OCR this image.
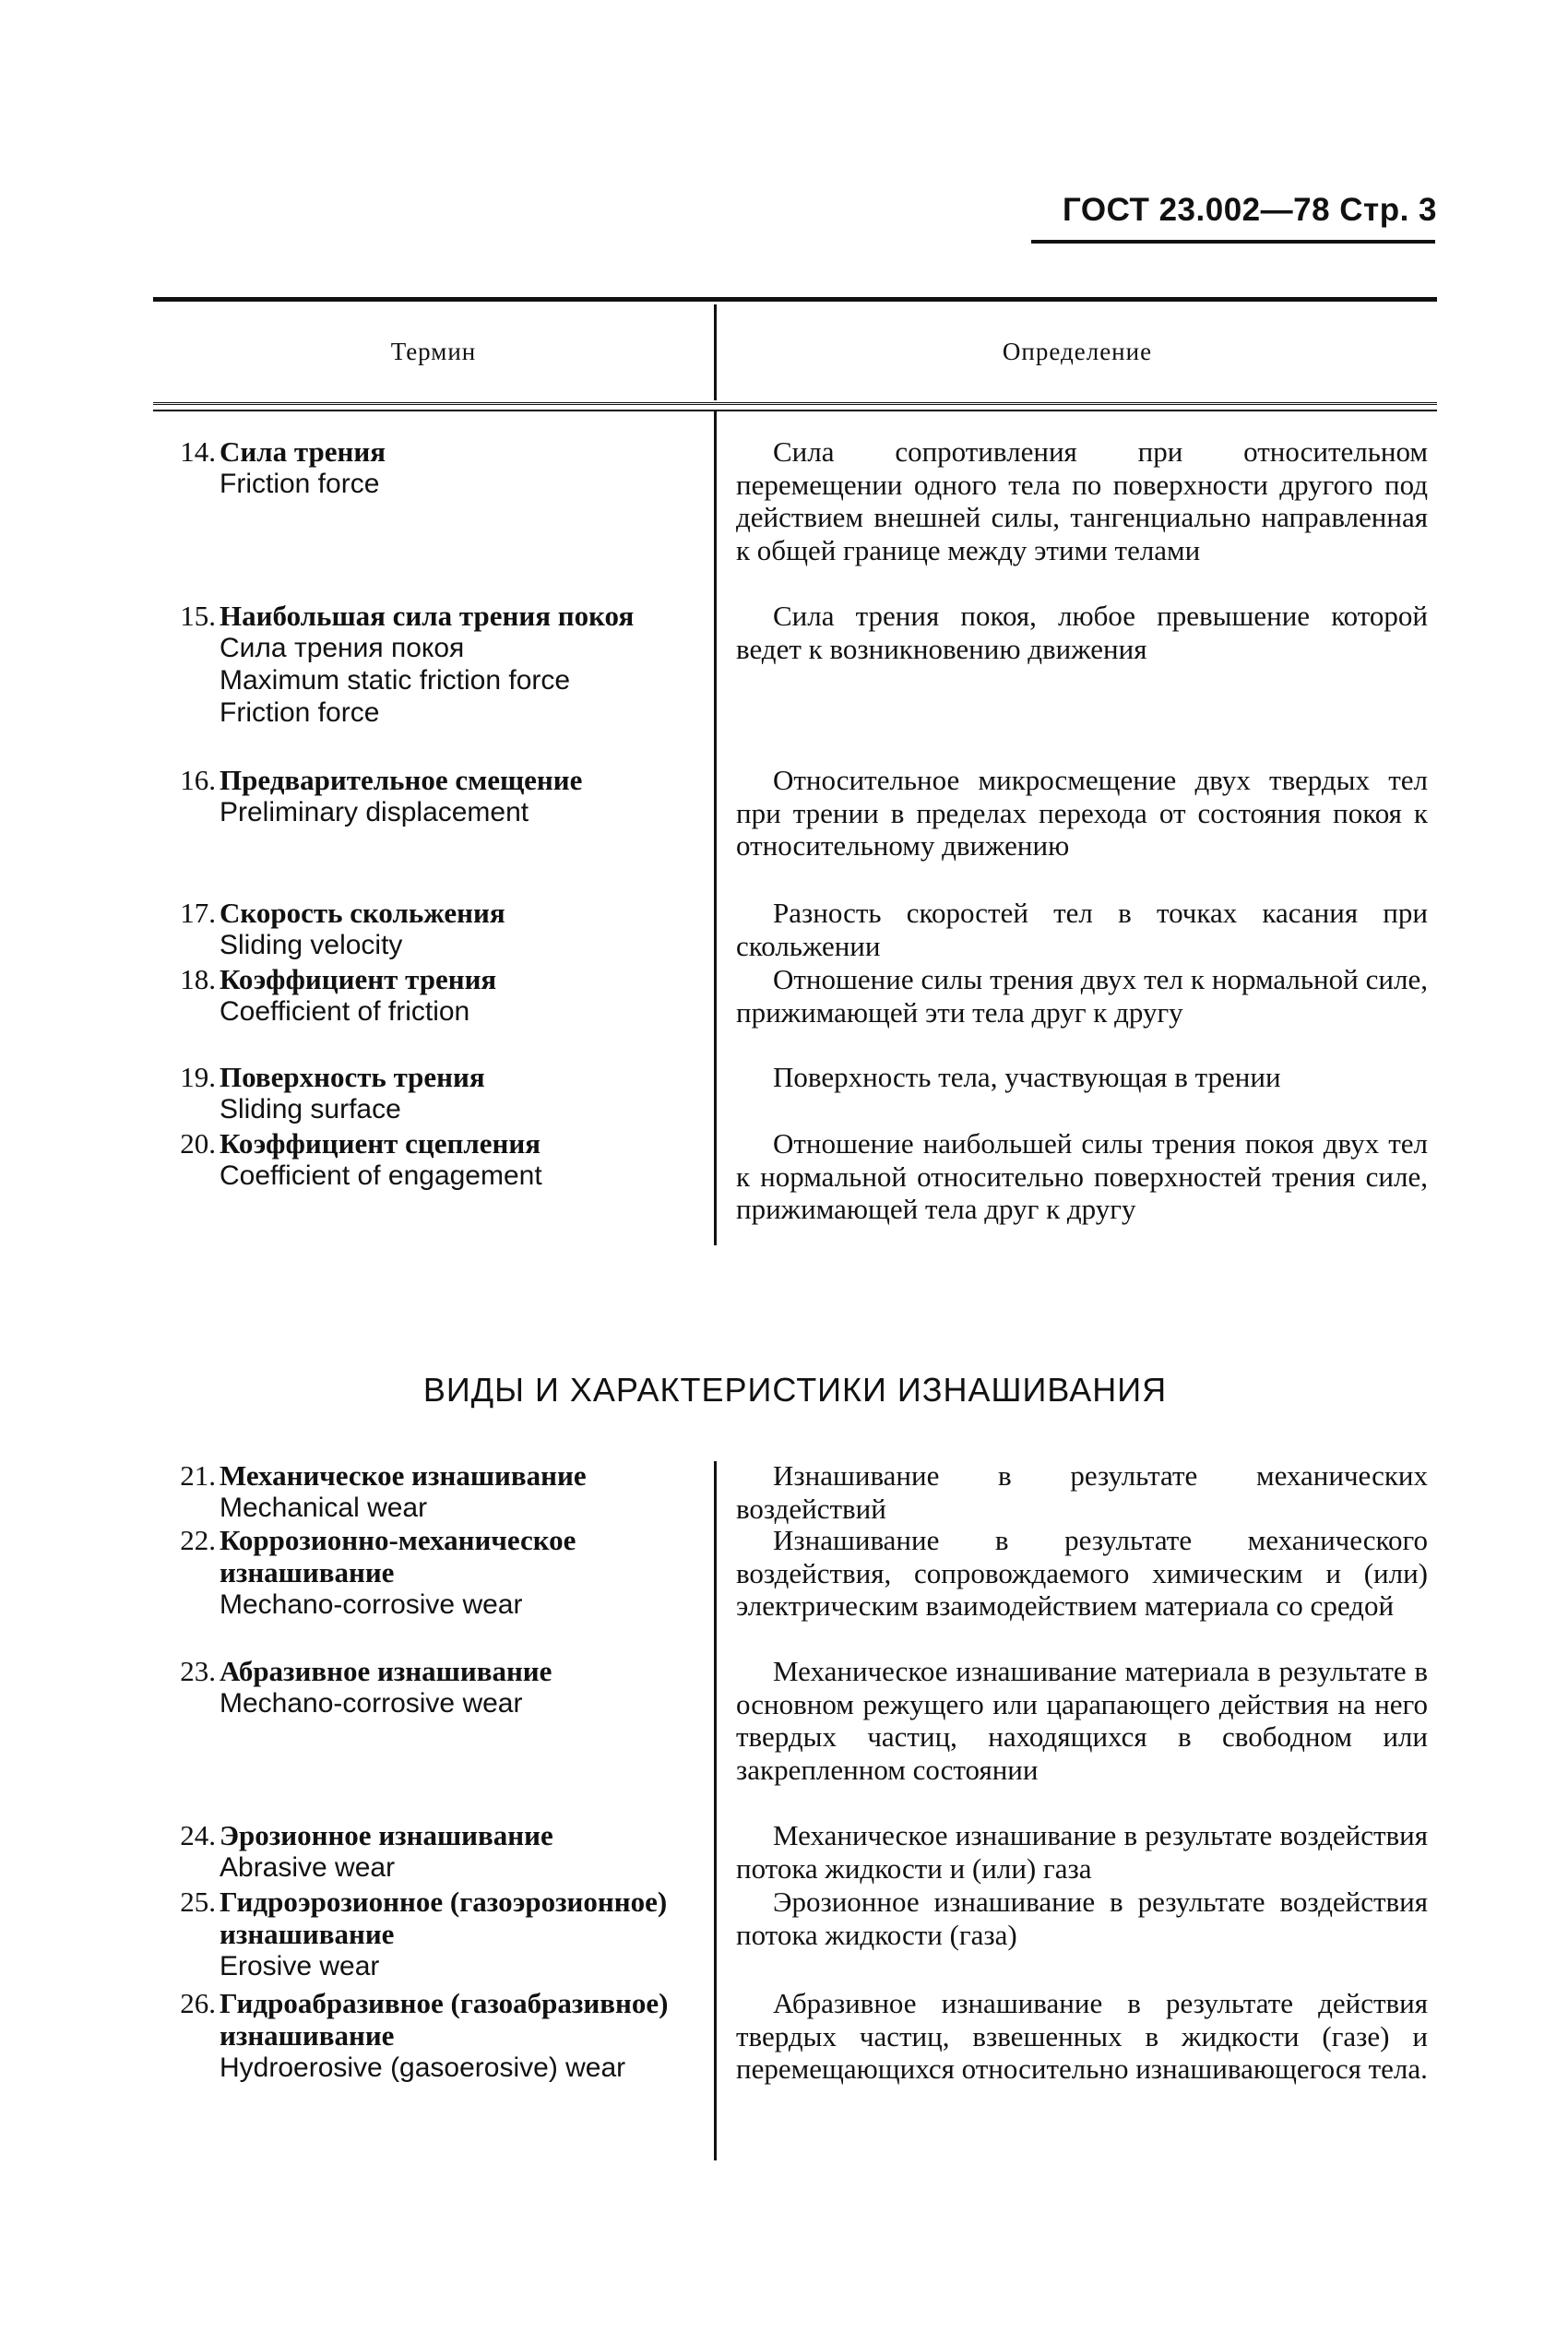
ГОСТ 23.002—78 Стр. 3
Термин	Определение
14. Сила трения
Friction force
Сила сопротивления при относительном перемещении одного тела по поверхности другого под действием внешней силы, тангенциально направленная к общей границе между этими телами
15. Наибольшая сила трения покоя
Сила трения покоя
Maximum static friction force
Friction force
Сила трения покоя, любое превышение которой ведет к возникновению движения
16. Предварительное смещение
Preliminary displacement
Относительное микросмещение двух твердых тел при трении в пределах перехода от состояния покоя к относительному движению
17. Скорость скольжения
Sliding velocity
Разность скоростей тел в точках касания при скольжении
18. Коэффициент трения
Coefficient of friction
Отношение силы трения двух тел к нормальной силе, прижимающей эти тела друг к другу
19. Поверхность трения
Sliding surface
Поверхность тела, участвующая в трении
20. Коэффициент сцепления
Coefficient of engagement
Отношение наибольшей силы трения покоя двух тел к нормальной относительно поверхностей трения силе, прижимающей тела друг к другу
ВИДЫ И ХАРАКТЕРИСТИКИ ИЗНАШИВАНИЯ
21. Механическое изнашивание
Mechanical wear
Изнашивание в результате механических воздействий
22. Коррозионно-механическое изнашивание
Mechano-corrosive wear
Изнашивание в результате механического воздействия, сопровождаемого химическим и (или) электрическим взаимодействием материала со средой
23. Абразивное изнашивание
Mechano-corrosive wear
Механическое изнашивание материала в результате в основном режущего или царапающего действия на него твердых частиц, находящихся в свободном или закрепленном состоянии
24. Эрозионное изнашивание
Abrasive wear
Механическое изнашивание в результате воздействия потока жидкости и (или) газа
25. Гидроэрозионное (газоэрозионное) изнашивание
Erosive wear
Эрозионное изнашивание в результате воздействия потока жидкости (газа)
26. Гидроабразивное (газоабразивное) изнашивание
Hydroerosive (gasoerosive) wear
Абразивное изнашивание в результате действия твердых частиц, взвешенных в жидкости (газе) и перемещающихся относительно изнашивающегося тела.
